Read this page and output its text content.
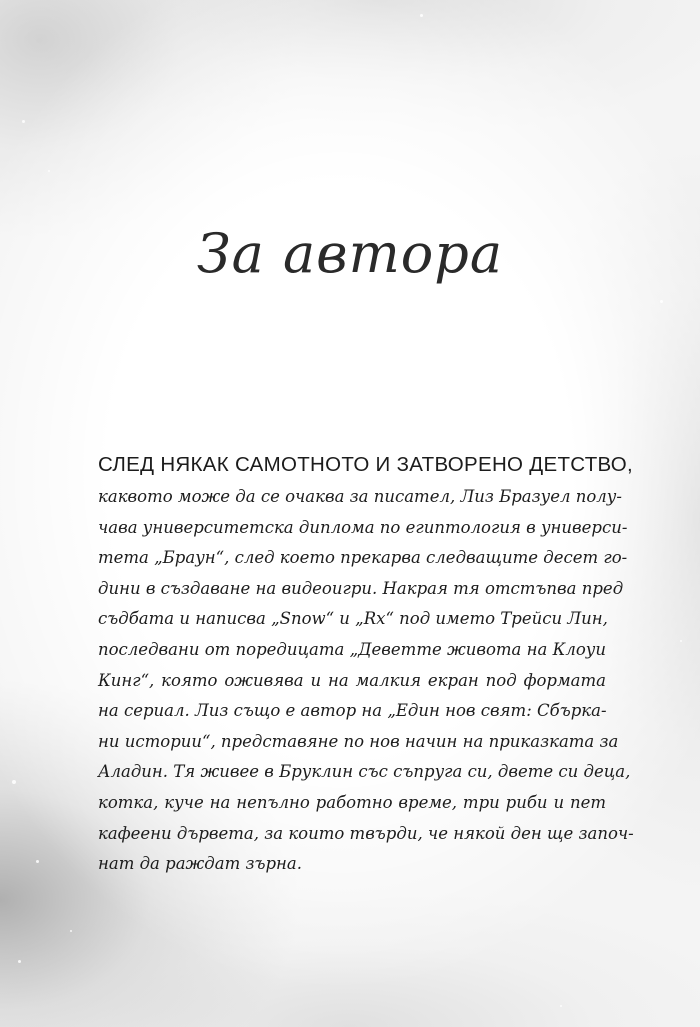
За автора
СЛЕД НЯКАК САМОТНОТО И ЗАТВОРЕНО ДЕТСТВО,
каквото може да се очаква за писател, Лиз Бразуел полу-
чава университетска диплома по египтология в универси-
тета „Браун“, след което прекарва следващите десет го-
дини в създаване на видеоигри. Накрая тя отстъпва пред
съдбата и написва „Snow“ и „Rx“ под името Трейси Лин,
последвани от поредицата „Деветте живота на Клоуи
Кинг“, която оживява и на малкия екран под формата
на сериал. Лиз също е автор на „Един нов свят: Сбърка-
ни истории“, представяне по нов начин на приказката за
Аладин. Тя живее в Бруклин със съпруга си, двете си деца,
котка, куче на непълно работно време, три риби и пет
кафеени дървета, за които твърди, че някой ден ще започ-
нат да раждат зърна.
